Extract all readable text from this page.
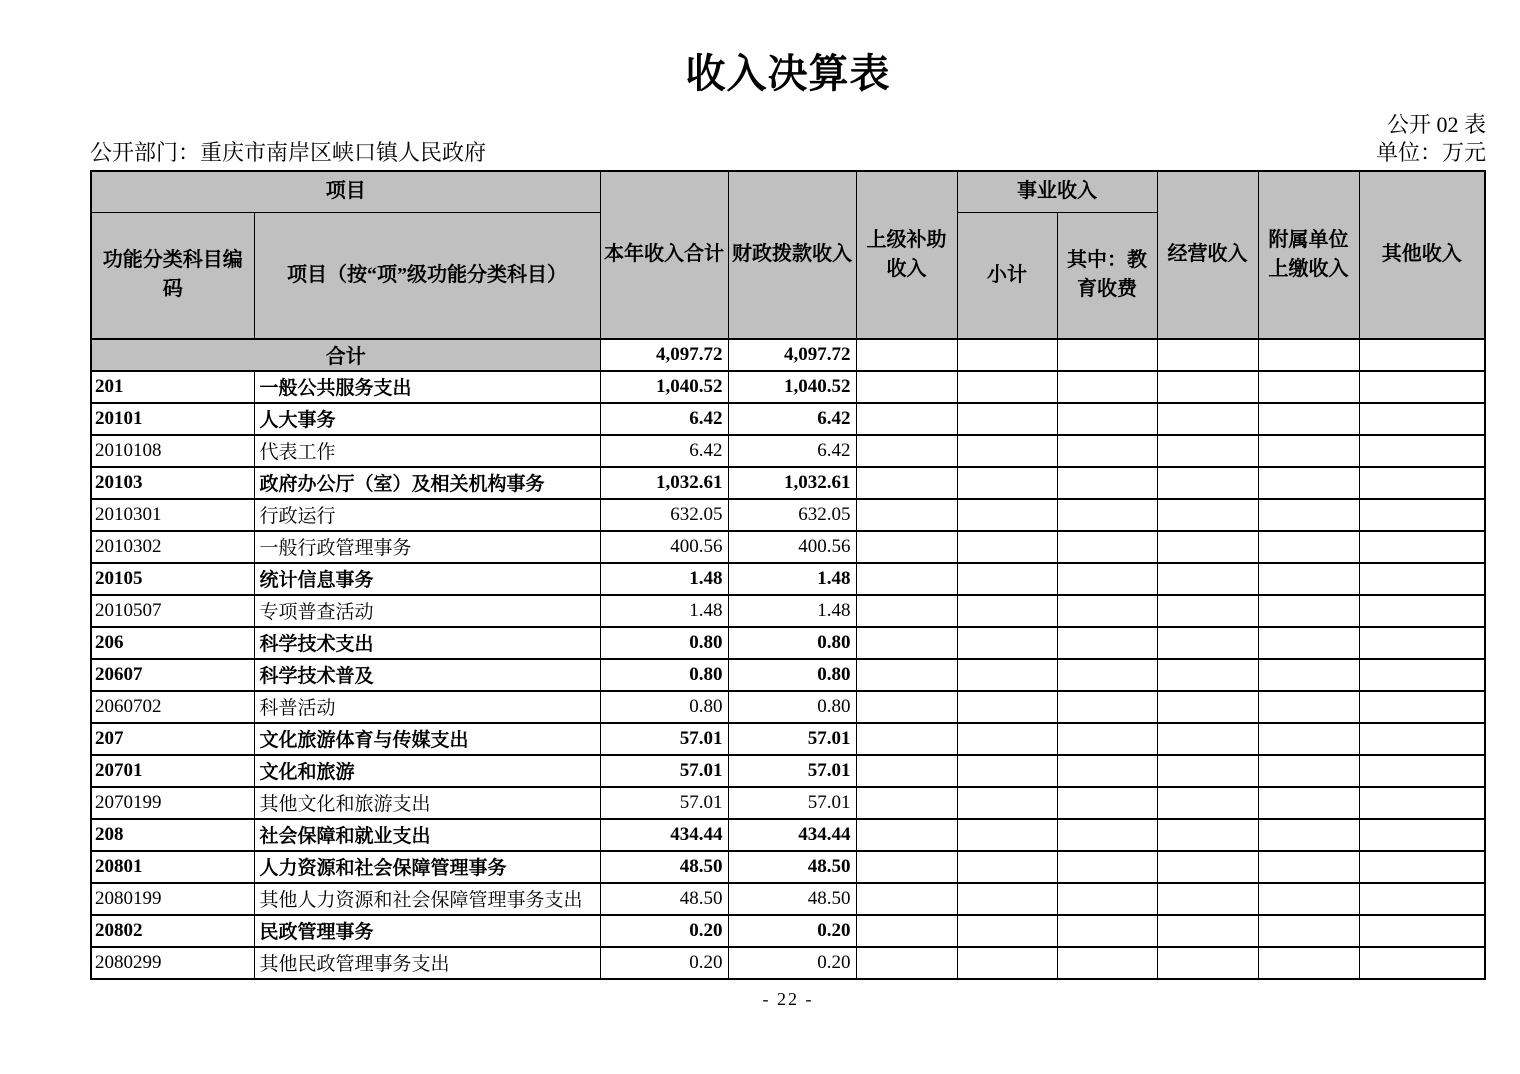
收入决算表
公开 02 表
公开部门：重庆市南岸区峡口镇人民政府	单位：万元
项目		本年收入合计	财政拨款收入	上级补助收入	事业收入		经营收入	附属单位上缴收入	其他收入
功能分类科目编码	项目（按“项”级功能分类科目）				小计	其中：教育收费			
合计		4,097.72	4,097.72						
201	一般公共服务支出	1,040.52	1,040.52						
20101	人大事务	6.42	6.42						
2010108	代表工作	6.42	6.42						
20103	政府办公厅（室）及相关机构事务	1,032.61	1,032.61						
2010301	行政运行	632.05	632.05						
2010302	一般行政管理事务	400.56	400.56						
20105	统计信息事务	1.48	1.48						
2010507	专项普查活动	1.48	1.48						
206	科学技术支出	0.80	0.80						
20607	科学技术普及	0.80	0.80						
2060702	科普活动	0.80	0.80						
207	文化旅游体育与传媒支出	57.01	57.01						
20701	文化和旅游	57.01	57.01						
2070199	其他文化和旅游支出	57.01	57.01						
208	社会保障和就业支出	434.44	434.44						
20801	人力资源和社会保障管理事务	48.50	48.50						
2080199	其他人力资源和社会保障管理事务支出	48.50	48.50						
20802	民政管理事务	0.20	0.20						
2080299	其他民政管理事务支出	0.20	0.20						
- 22 -
